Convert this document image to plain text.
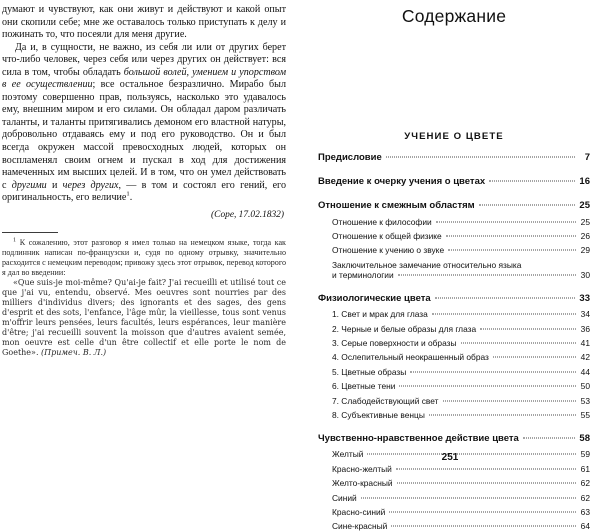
думают и чувствуют, как они живут и действуют и какой опыт они скопили себе; мне же оставалось только приступать к делу и пожинать то, что посеяли для меня другие.

Да и, в сущности, не важно, из себя ли или от других берет что-либо человек, через себя или через других он действует: вся сила в том, чтобы обладать большой волей, умением и упорством в ее осуществлении; все остальное безразлично. Мирабо был поэтому совершенно прав, пользуясь, насколько это удавалось ему, внешним миром и его силами. Он обладал даром различать таланты, и таланты притягивались демоном его властной натуры, добровольно отдаваясь ему и под его руководство. Он и был всегда окружен массой превосходных людей, которых он воспламенял своим огнем и пускал в ход для достижения намеченных им высших целей. И в том, что он умел действовать с другими и через других, — в том и состоял его гений, его оригинальность, его величие$^1$.

(Соре, 17.02.1832)

$^1$ К сожалению, этот разговор я имел только на немецком языке, тогда как подлинник написан по-французски и, судя по одному отрывку, значительно расходится с немецким переводом; привожу здесь этот отрывок, перевод которого я дал во введении:

«Que suis-je moi-même? Qu'ai-je fait? J'ai recueilli et utilisé tout ce que j'ai vu, entendu, observé. Mes oeuvres sont nourries par des milliers d'individus divers; des ignorants et des sages, des gens d'esprit et des sots, l'enfance, l'âge mûr, la vieillesse, tous sont venus m'offrir leurs pensées, leurs facultés, leurs espérances, leur manière d'être; j'ai recueilli souvent la moisson que d'autres avaient semée, mon oeuvre est celle d'un être collectif et elle porte le nom de Goethe». (Примеч. В. Л.)

Содержание
УЧЕНИЕ О ЦВЕТЕ
Предисловие	7
Введение к очерку учения о цветах	16
Отношение к смежным областям	25
Отношение к философии	25
Отношение к общей физике	26
Отношение к учению о звуке	29
Заключительное замечание относительно языка
и терминологии	30
Физиологические цвета	33
1. Свет и мрак для глаза	34
2. Черные и белые образы для глаза	36
3. Серые поверхности и образы	41
4. Ослепительный неокрашенный образ	42
5. Цветные образы	44
6. Цветные тени	50
7. Слабодействующий свет	53
8. Субъективные венцы	55
Чувственно-нравственное действие цвета	58
Желтый	59
Красно-желтый	61
Желто-красный	62
Синий	62
Красно-синий	63
Сине-красный	64
251
